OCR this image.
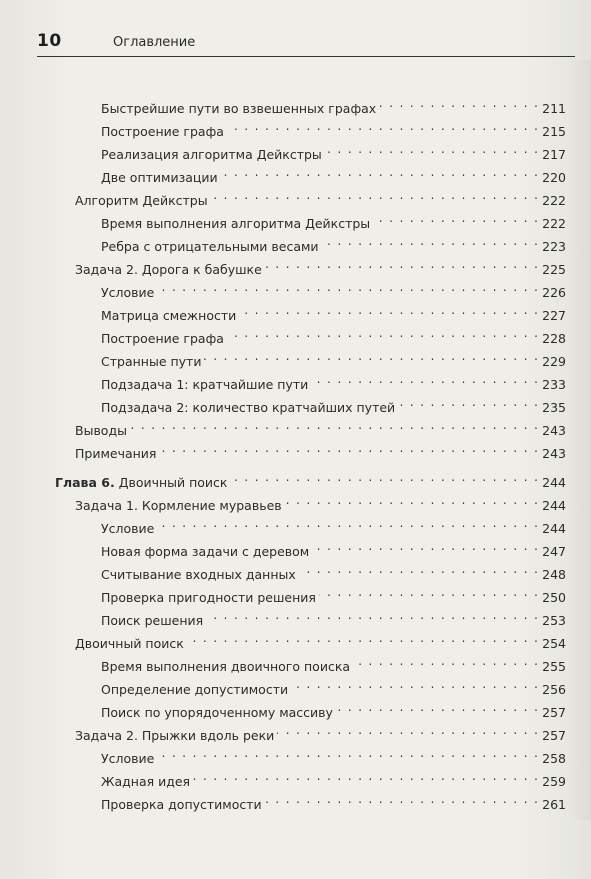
10	Оглавление
Быстрейшие пути во взвешенных графах . . .	211
Построение графа . . .	215
Реализация алгоритма Дейкстры . . .	217
Две оптимизации . . .	220
Алгоритм Дейкстры . . .	222
Время выполнения алгоритма Дейкстры . . .	222
Ребра с отрицательными весами . . .	223
Задача 2. Дорога к бабушке . . .	225
Условие . . .	226
Матрица смежности . . .	227
Построение графа . . .	228
Странные пути . . .	229
Подзадача 1: кратчайшие пути . . .	233
Подзадача 2: количество кратчайших путей . . .	235
Выводы . . .	243
Примечания . . .	243
Глава 6. Двоичный поиск . . .	244
Задача 1. Кормление муравьев . . .	244
Условие . . .	244
Новая форма задачи с деревом . . .	247
Считывание входных данных . . .	248
Проверка пригодности решения . . .	250
Поиск решения . . .	253
Двоичный поиск . . .	254
Время выполнения двоичного поиска . . .	255
Определение допустимости . . .	256
Поиск по упорядоченному массиву . . .	257
Задача 2. Прыжки вдоль реки . . .	257
Условие . . .	258
Жадная идея . . .	259
Проверка допустимости . . .	261
